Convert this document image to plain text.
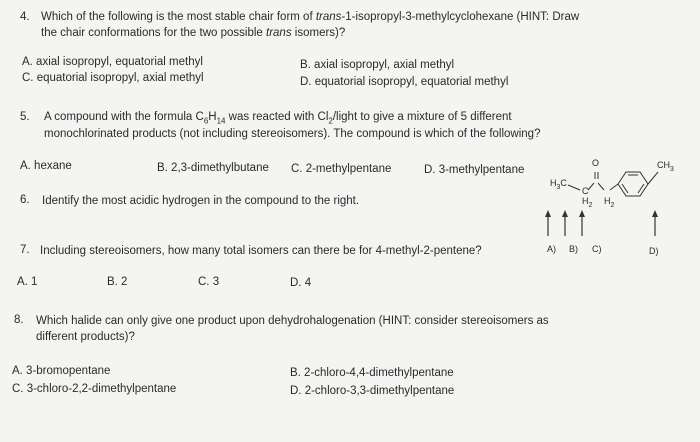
4. Which of the following is the most stable chair form of trans-1-isopropyl-3-methylcyclohexane (HINT: Draw
the chair conformations for the two possible trans isomers)?
A. axial isopropyl, equatorial methyl	B. axial isopropyl, axial methyl
C. equatorial isopropyl, axial methyl	D. equatorial isopropyl, equatorial methyl
5. A compound with the formula $C_6H_{14}$ was reacted with $Cl_2$/light to give a mixture of 5 different
monochlorinated products (not including stereoisomers). The compound is which of the following?
A. hexane	B. 2,3-dimethylbutane C. 2-methylpentane	D. 3-methylpentane
6. Identify the most acidic hydrogen in the compound to the right.
O	$CH_3$
$H_3C$
C
$H_2$ $H_2$
A) B) C)	D)
7. Including stereoisomers, how many total isomers can there be for 4-methyl-2-pentene?
A. 1	B. 2	C. 3	D. 4
8. Which halide can only give one product upon dehydrohalogenation (HINT: consider stereoisomers as
different products)?
A. 3-bromopentane	B. 2-chloro-4,4-dimethylpentane
C. 3-chloro-2,2-dimethylpentane	D. 2-chloro-3,3-dimethylpentane
